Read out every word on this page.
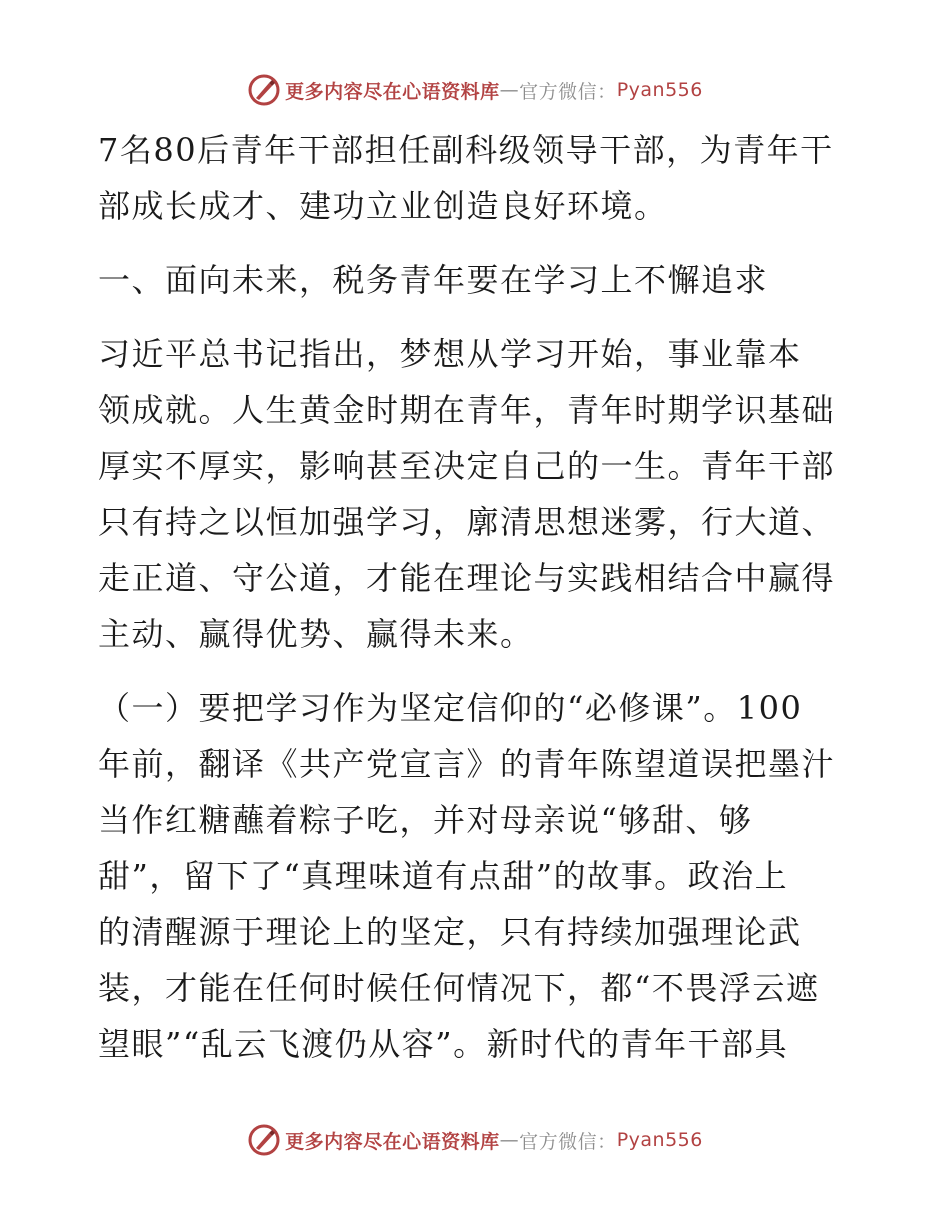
更多内容尽在心语资料库 — 官方微信： Pyan556
7名80后青年干部担任副科级领导干部，为青年干
部成长成才、建功立业创造良好环境。
一、面向未来，税务青年要在学习上不懈追求
习近平总书记指出，梦想从学习开始，事业靠本
领成就。人生黄金时期在青年，青年时期学识基础
厚实不厚实，影响甚至决定自己的一生。青年干部
只有持之以恒加强学习，廓清思想迷雾，行大道、
走正道、守公道，才能在理论与实践相结合中赢得
主动、赢得优势、赢得未来。
（一）要把学习作为坚定信仰的“必修课”。100
年前，翻译《共产党宣言》的青年陈望道误把墨汁
当作红糖蘸着粽子吃，并对母亲说“够甜、够
甜”，留下了“真理味道有点甜”的故事。政治上
的清醒源于理论上的坚定，只有持续加强理论武
装，才能在任何时候任何情况下，都“不畏浮云遮
望眼”“乱云飞渡仍从容”。新时代的青年干部具
更多内容尽在心语资料库 — 官方微信： Pyan556
